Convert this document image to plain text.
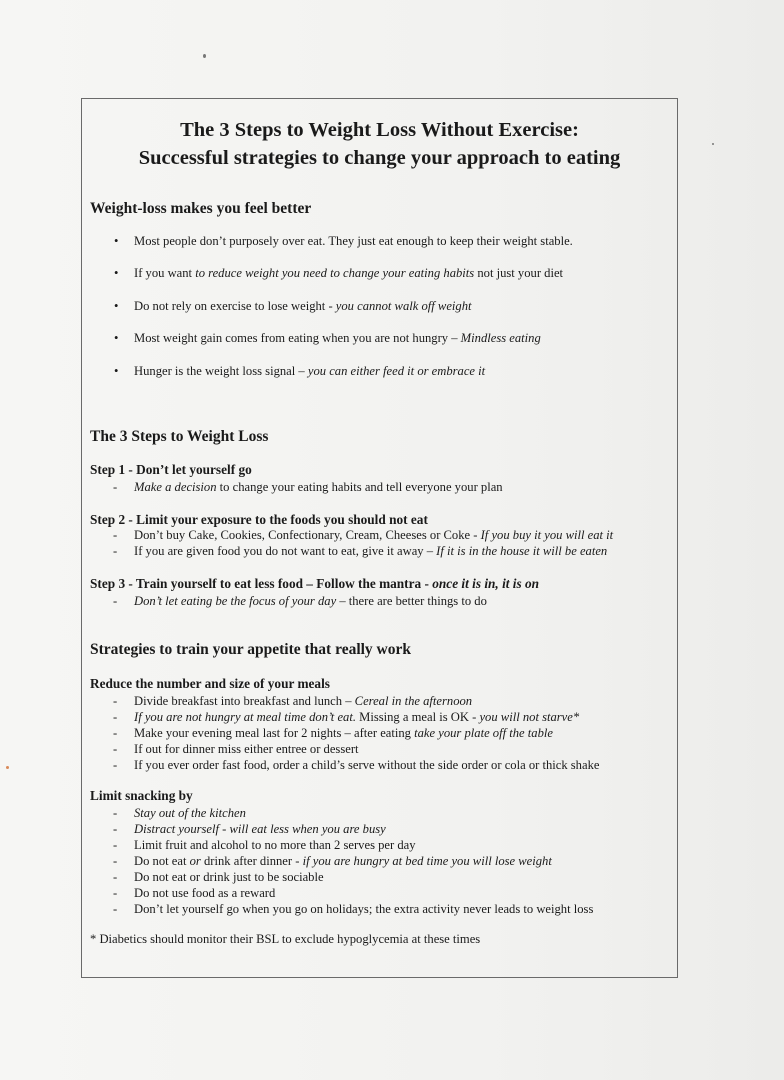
The 3 Steps to Weight Loss Without Exercise:
Successful strategies to change your approach to eating
Weight-loss makes you feel better
• Most people don’t purposely over eat. They just eat enough to keep their weight stable.
• If you want to reduce weight you need to change your eating habits not just your diet
• Do not rely on exercise to lose weight - you cannot walk off weight
• Most weight gain comes from eating when you are not hungry – Mindless eating
• Hunger is the weight loss signal – you can either feed it or embrace it
The 3 Steps to Weight Loss
Step 1 - Don’t let yourself go
- Make a decision to change your eating habits and tell everyone your plan
Step 2 - Limit your exposure to the foods you should not eat
- Don’t buy Cake, Cookies, Confectionary, Cream, Cheeses or Coke - If you buy it you will eat it
- If you are given food you do not want to eat, give it away – If it is in the house it will be eaten
Step 3 - Train yourself to eat less food – Follow the mantra - once it is in, it is on
- Don’t let eating be the focus of your day – there are better things to do
Strategies to train your appetite that really work
Reduce the number and size of your meals
- Divide breakfast into breakfast and lunch – Cereal in the afternoon
- If you are not hungry at meal time don’t eat. Missing a meal is OK - you will not starve*
- Make your evening meal last for 2 nights – after eating take your plate off the table
- If out for dinner miss either entree or dessert
- If you ever order fast food, order a child’s serve without the side order or cola or thick shake
Limit snacking by
- Stay out of the kitchen
- Distract yourself - will eat less when you are busy
- Limit fruit and alcohol to no more than 2 serves per day
- Do not eat or drink after dinner - if you are hungry at bed time you will lose weight
- Do not eat or drink just to be sociable
- Do not use food as a reward
- Don’t let yourself go when you go on holidays; the extra activity never leads to weight loss
* Diabetics should monitor their BSL to exclude hypoglycemia at these times
